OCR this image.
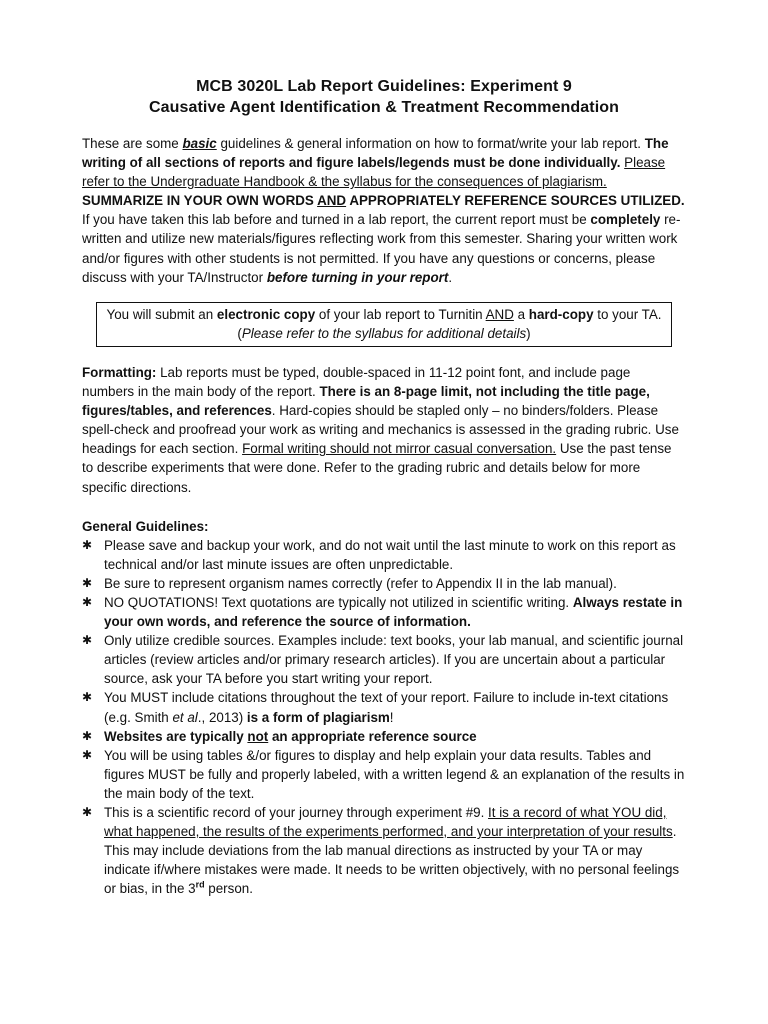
MCB 3020L Lab Report Guidelines: Experiment 9

Causative Agent Identification & Treatment Recommendation

These are some basic guidelines & general information on how to format/write your lab report. The writing of all sections of reports and figure labels/legends must be done individually. Please refer to the Undergraduate Handbook & the syllabus for the consequences of plagiarism. SUMMARIZE IN YOUR OWN WORDS AND APPROPRIATELY REFERENCE SOURCES UTILIZED. If you have taken this lab before and turned in a lab report, the current report must be completely re-written and utilize new materials/figures reflecting work from this semester. Sharing your written work and/or figures with other students is not permitted. If you have any questions or concerns, please discuss with your TA/Instructor before turning in your report.

You will submit an electronic copy of your lab report to Turnitin AND a hard-copy to your TA.
(Please refer to the syllabus for additional details)

Formatting: Lab reports must be typed, double-spaced in 11-12 point font, and include page numbers in the main body of the report. There is an 8-page limit, not including the title page, figures/tables, and references. Hard-copies should be stapled only – no binders/folders. Please spell-check and proofread your work as writing and mechanics is assessed in the grading rubric. Use headings for each section. Formal writing should not mirror casual conversation. Use the past tense to describe experiments that were done. Refer to the grading rubric and details below for more specific directions.

General Guidelines:

✱ Please save and backup your work, and do not wait until the last minute to work on this report as technical and/or last minute issues are often unpredictable.
✱ Be sure to represent organism names correctly (refer to Appendix II in the lab manual).
✱ NO QUOTATIONS! Text quotations are typically not utilized in scientific writing. Always restate in your own words, and reference the source of information.
✱ Only utilize credible sources. Examples include: text books, your lab manual, and scientific journal articles (review articles and/or primary research articles). If you are uncertain about a particular source, ask your TA before you start writing your report.
✱ You MUST include citations throughout the text of your report. Failure to include in-text citations (e.g. Smith et al., 2013) is a form of plagiarism!
✱ Websites are typically not an appropriate reference source
✱ You will be using tables &/or figures to display and help explain your data results. Tables and figures MUST be fully and properly labeled, with a written legend & an explanation of the results in the main body of the text.
✱ This is a scientific record of your journey through experiment #9. It is a record of what YOU did, what happened, the results of the experiments performed, and your interpretation of your results. This may include deviations from the lab manual directions as instructed by your TA or may indicate if/where mistakes were made. It needs to be written objectively, with no personal feelings or bias, in the 3rd person.
